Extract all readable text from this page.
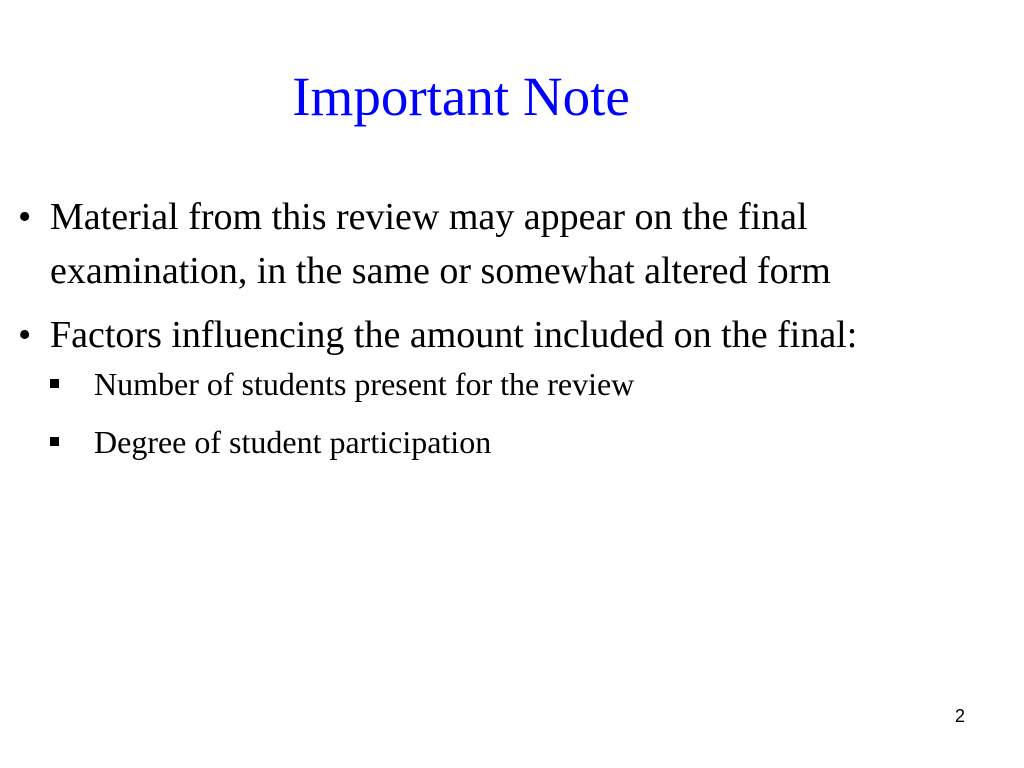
Important Note
• Material from this review may appear on the final examination, in the same or somewhat altered form
• Factors influencing the amount included on the final:
Number of students present for the review
Degree of student participation
2
